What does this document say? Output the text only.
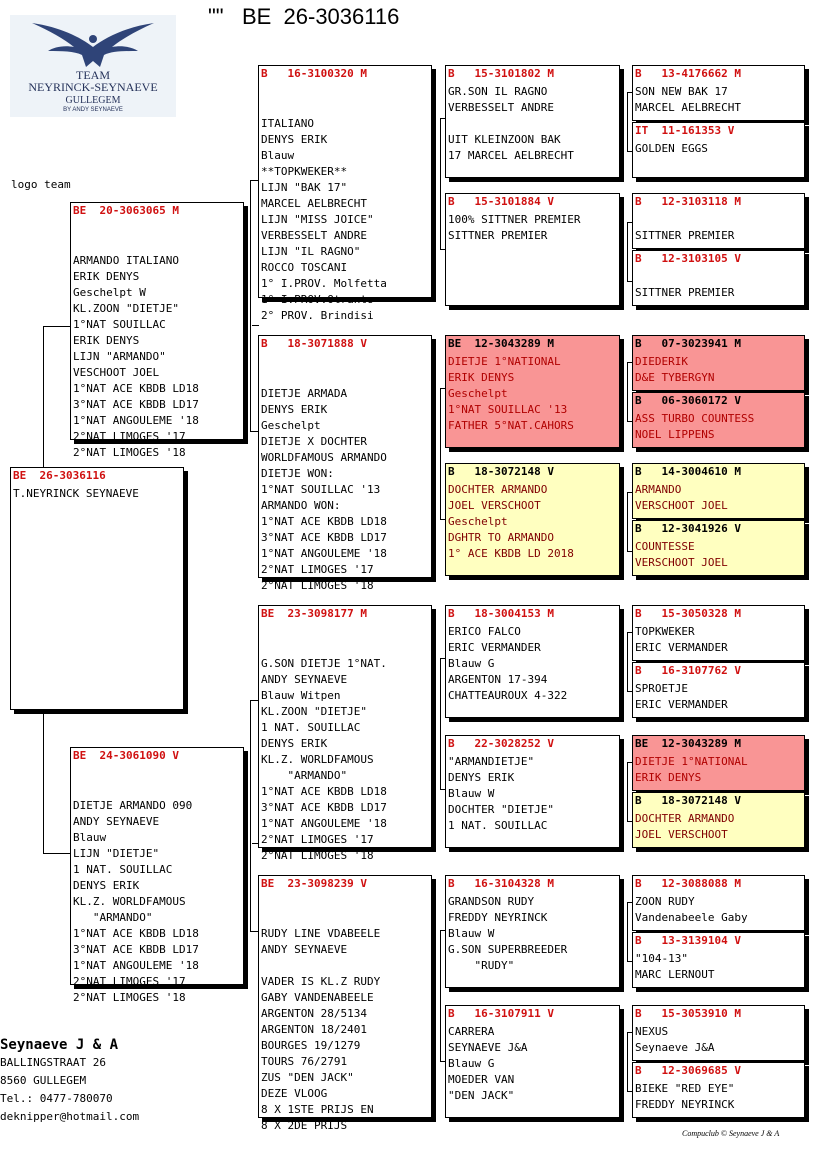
""   BE  26-3036116
TEAM
NEYRINCK-SEYNAEVE
GULLEGEM
BY ANDY SEYNAEVE
logo team
BE 26-3036116
T.NEYRINCK SEYNAEVE
BE 20-3063065 M

ARMANDO ITALIANO
ERIK DENYS
Geschelpt W
KL.ZOON "DIETJE"
1°NAT SOUILLAC
ERIK DENYS
LIJN "ARMANDO"
VESCHOOT JOEL
1°NAT ACE KBDB LD18
3°NAT ACE KBDB LD17
1°NAT ANGOULEME '18
2°NAT LIMOGES '17
2°NAT LIMOGES '18

BE 24-3061090 V

DIETJE ARMANDO 090
ANDY SEYNAEVE
Blauw
LIJN "DIETJE"
1 NAT. SOUILLAC
DENYS ERIK
KL.Z. WORLDFAMOUS
"ARMANDO"
1°NAT ACE KBDB LD18
3°NAT ACE KBDB LD17
1°NAT ANGOULEME '18
2°NAT LIMOGES '17
2°NAT LIMOGES '18

B 16-3100320 M

ITALIANO
DENYS ERIK
Blauw
**TOPKWEKER**
LIJN "BAK 17"
MARCEL AELBRECHT
LIJN "MISS JOICE"
VERBESSELT ANDRE
LIJN "IL RAGNO"
ROCCO TOSCANI
1° I.PROV. Molfetta
1° I.PROV.Otranto
2° PROV. Brindisi

B 18-3071888 V

DIETJE ARMADA
DENYS ERIK
Geschelpt
DIETJE X DOCHTER
WORLDFAMOUS ARMANDO
DIETJE WON:
1°NAT SOUILLAC '13
ARMANDO WON:
1°NAT ACE KBDB LD18
3°NAT ACE KBDB LD17
1°NAT ANGOULEME '18
2°NAT LIMOGES '17
2°NAT LIMOGES '18

BE 23-3098177 M

G.SON DIETJE 1°NAT.
ANDY SEYNAEVE
Blauw Witpen
KL.ZOON "DIETJE"
1 NAT. SOUILLAC
DENYS ERIK
KL.Z. WORLDFAMOUS
"ARMANDO"
1°NAT ACE KBDB LD18
3°NAT ACE KBDB LD17
1°NAT ANGOULEME '18
2°NAT LIMOGES '17
2°NAT LIMOGES '18

BE 23-3098239 V

RUDY LINE VDABEELE
ANDY SEYNAEVE
VADER IS KL.Z RUDY
GABY VANDENABEELE
ARGENTON 28/5134
ARGENTON 18/2401
BOURGES 19/1279
TOURS 76/2791
ZUS "DEN JACK"
DEZE VLOOG
8 X 1STE PRIJS EN
8 X 2DE PRIJS

B 15-3101802 M
GR.SON IL RAGNO
VERBESSELT ANDRE
UIT KLEINZOON BAK
17 MARCEL AELBRECHT
B 15-3101884 V
100% SITTNER PREMIER
SITTNER PREMIER
BE 12-3043289 M
DIETJE 1°NATIONAL
ERIK DENYS
Geschelpt
1°NAT SOUILLAC '13
FATHER 5°NAT.CAHORS
B 18-3072148 V
DOCHTER ARMANDO
JOEL VERSCHOOT
Geschelpt
DGHTR TO ARMANDO
1° ACE KBDB LD 2018
B 18-3004153 M
ERICO FALCO
ERIC VERMANDER
Blauw G
ARGENTON 17-394
CHATTEAUROUX 4-322
B 22-3028252 V
"ARMANDIETJE"
DENYS ERIK
Blauw W
DOCHTER "DIETJE"
1 NAT. SOUILLAC
B 16-3104328 M
GRANDSON RUDY
FREDDY NEYRINCK
Blauw W
G.SON SUPERBREEDER
"RUDY"
B 16-3107911 V
CARRERA
SEYNAEVE J&A
Blauw G
MOEDER VAN
"DEN JACK"
B 13-4176662 M
SON NEW BAK 17
MARCEL AELBRECHT
IT 11-161353 V
GOLDEN EGGS
B 12-3103118 M
SITTNER PREMIER
B 12-3103105 V
SITTNER PREMIER
B 07-3023941 M
DIEDERIK
D&E TYBERGYN
B 06-3060172 V
ASS TURBO COUNTESS
NOEL LIPPENS
B 14-3004610 M
ARMANDO
VERSCHOOT JOEL
B 12-3041926 V
COUNTESSE
VERSCHOOT JOEL
B 15-3050328 M
TOPKWEKER
ERIC VERMANDER
B 16-3107762 V
SPROETJE
ERIC VERMANDER
BE 12-3043289 M
DIETJE 1°NATIONAL
ERIK DENYS
B 18-3072148 V
DOCHTER ARMANDO
JOEL VERSCHOOT
B 12-3088088 M
ZOON RUDY
Vandenabeele Gaby
B 13-3139104 V
"104-13"
MARC LERNOUT
B 15-3053910 M
NEXUS
Seynaeve J&A
B 12-3069685 V
BIEKE "RED EYE"
FREDDY NEYRINCK
Seynaeve J & A
BALLINGSTRAAT 26
8560 GULLEGEM
Tel.: 0477-780070
deknipper@hotmail.com
Compuclub © Seynaeve J & A
